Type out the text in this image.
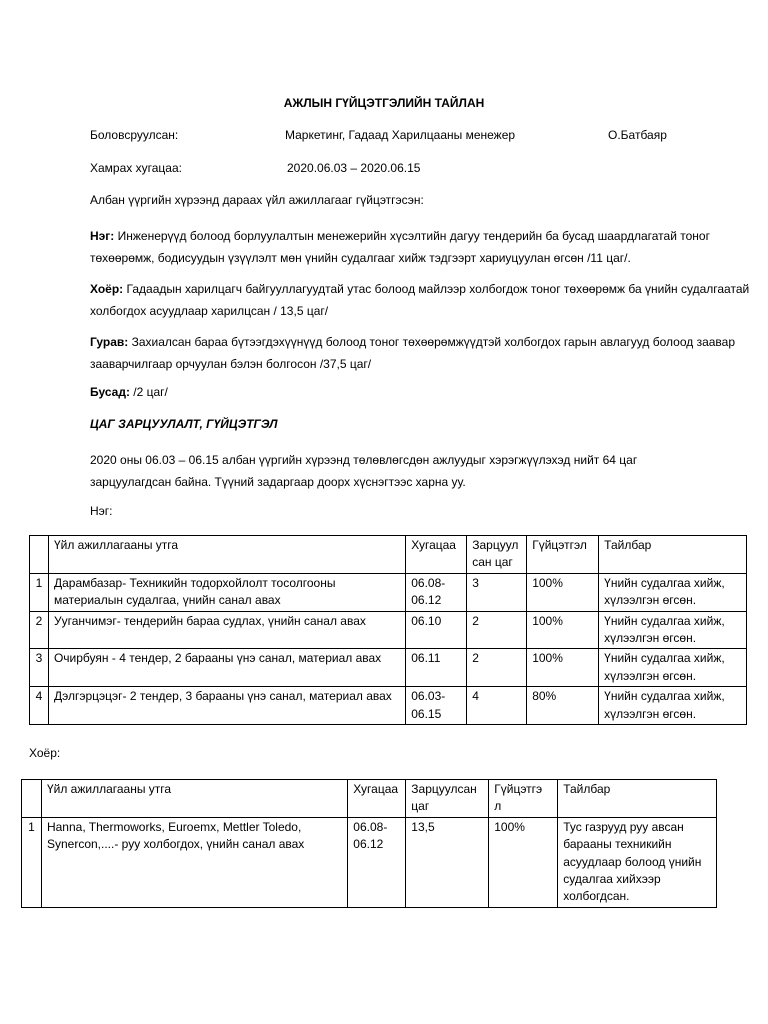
АЖЛЫН ГҮЙЦЭТГЭЛИЙН ТАЙЛАН
Боловсруулсан:	Маркетинг, Гадаад Харилцааны менежер	О.Батбаяр
Хамрах хугацаа:	2020.06.03 – 2020.06.15
Албан үүргийн хүрээнд дараах үйл ажиллагааг гүйцэтгэсэн:

Нэг: Инженерүүд болоод борлуулалтын менежерийн хүсэлтийн дагуу тендерийн ба бусад шаардлагатай тоног төхөөрөмж, бодисуудын үзүүлэлт мөн үнийн судалгааг хийж тэдгээрт хариуцуулан өгсөн /11 цаг/.

Хоёр: Гадаадын харилцагч байгууллагуудтай утас болоод майлээр холбогдож тоног төхөөрөмж ба үнийн судалгаатай холбогдох асуудлаар харилцсан / 13,5 цаг/

Гурав: Захиалсан бараа бүтээгдэхүүнүүд болоод тоног төхөөрөмжүүдтэй холбогдох гарын авлагууд болоод заавар зааварчилгаар орчуулан бэлэн болгосон /37,5 цаг/

Бусад: /2 цаг/

ЦАГ ЗАРЦУУЛАЛТ, ГҮЙЦЭТГЭЛ

2020 оны 06.03 – 06.15 албан үүргийн хүрээнд төлөвлөгсдөн ажлуудыг хэрэгжүүлэхэд нийт 64 цаг зарцуулагдсан байна. Түүний задаргаар доорх хүснэгтээс харна уу.

Нэг:
	Үйл ажиллагааны утга	Хугацаа	Зарцуул сан цаг	Гүйцэтгэл	Тайлбар
1	Дарамбазар- Техникийн тодорхойлолт тосолгооны материалын судалгаа, үнийн санал авах	06.08-06.12	3	100%	Үнийн судалгаа хийж, хүлээлгэн өгсөн.
2	Ууганчимэг- тендерийн бараа судлах, үнийн санал авах	06.10	2	100%	Үнийн судалгаа хийж, хүлээлгэн өгсөн.
3	Очирбуян - 4 тендер, 2 барааны үнэ санал, материал авах	06.11	2	100%	Үнийн судалгаа хийж, хүлээлгэн өгсөн.
4	Дэлгэрцэцэг- 2 тендер, 3 барааны үнэ санал, материал авах	06.03-06.15	4	80%	Үнийн судалгаа хийж, хүлээлгэн өгсөн.
Хоёр:
	Үйл ажиллагааны утга	Хугацаа	Зарцуулсан цаг	Гүйцэтгэ л	Тайлбар
1	Hanna, Thermoworks, Euroemx, Mettler Toledo, Synercon,....- руу холбогдох, үнийн санал авах	06.08-06.12	13,5	100%	Тус газрууд руу авсан барааны техникийн асуудлаар болоод үнийн судалгаа хийхээр холбогдсан.
